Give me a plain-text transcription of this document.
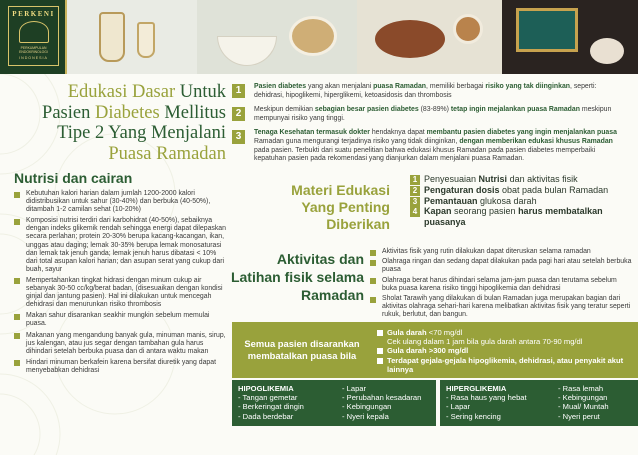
PERKENI
PERKUMPULAN ENDOKRINOLOGI
INDONESIA
Edukasi Dasar Untuk
Pasien Diabetes Mellitus
Tipe 2 Yang Menjalani
Puasa Ramadan
1	Pasien diabetes yang akan menjalani puasa Ramadan, memiliki berbagai risiko yang tak diinginkan, seperti: dehidrasi, hipoglikemi, hiperglikemi, ketoasidosis dan thrombosis
2	Meskipun demikian sebagian besar pasien diabetes (83-89%) tetap ingin mejalankan puasa Ramadan meskipun mempunyai risiko yang tinggi.
3	Tenaga Kesehatan termasuk dokter hendaknya dapat membantu pasien diabetes yang ingin menjalankan puasa Ramadan guna mengurangi terjadinya risiko yang tidak diinginkan, dengan memberikan edukasi khusus Ramadan pada pasien. Terbukti dari suatu penelitian bahwa edukasi khusus Ramadan pada pasien diabetes memperbaiki kepatuhan pasien pada rekomendasi yang dianjurkan dalam menjalani puasa Ramadan.
Nutrisi dan cairan
Kebutuhan kalori harian dalam jumlah 1200-2000 kalori didistribusikan untuk sahur (30-40%) dan berbuka (40-50%), ditambah 1-2 camilan sehat (10-20%)
Komposisi nutrisi terdiri dari karbohidrat (40-50%), sebaiknya dengan indeks glikemik rendah sehingga energi dapat dilepaskan secara perlahan; protein 20-30% berupa kacang-kacangan, ikan, unggas atau daging; lemak 30-35% berupa lemak monosaturasi dan lemak tak jenuh ganda; lemak jenuh harus dibatasi < 10% dari total asupan kalori harian; dan asupan serat yang cukup dari buah, sayur
Mempertahankan tingkat hidrasi dengan minum cukup air sebanyak 30-50 cc/kg/berat badan, (disesuaikan dengan kondisi ginjal dan jantung pasien). Hal ini dilakukan untuk mencegah dehidrasi dan menurunkan risiko thrombosis
Makan sahur disarankan seakhir mungkin sebelum memulai puasa.
Makanan yang mengandung banyak gula, minuman manis, sirup, jus kalengan, atau jus segar dengan tambahan gula harus dihindari setelah berbuka puasa dan di antara waktu makan
Hindari minuman berkafein karena bersifat diuretik yang dapat menyebabkan dehidrasi
Materi Edukasi
Yang Penting
Diberikan
1 Penyesuaian Nutrisi dan aktivitas fisik
2 Pengaturan dosis obat pada bulan Ramadan
3 Pemantauan glukosa darah
4 Kapan seorang pasien harus membatalkan puasanya
Aktivitas dan
Latihan fisik selama
Ramadan
Aktivitas fisik yang rutin dilakukan dapat diteruskan selama ramadan
Olahraga ringan dan sedang dapat dilakukan pada pagi hari atau setelah berbuka puasa
Olahraga berat harus dihindari selama jam-jam puasa dan terutama sebelum buka puasa karena risiko tinggi hipoglikemia dan dehidrasi
Sholat Tarawih yang dilakukan di bulan Ramadan juga merupakan bagian dari aktivitas olahraga sehari-hari karena melibatkan aktivitas fisik yang teratur seperti rukuk, berlutut, dan bangun.
Semua pasien disarankan membatalkan puasa bila
Gula darah <70 mg/dl
Cek ulang dalam 1 jam bila gula darah antara 70-90 mg/dl
Gula darah >300 mg/dl
Terdapat gejala-gejala hipoglikemia, dehidrasi, atau penyakit akut lainnya
HIPOGLIKEMIA
- Tangan gemetar
- Berkeringat dingin
- Dada berdebar
- Lapar
- Perubahan kesadaran
- Kebingungan
- Nyeri kepala
HIPERGLIKEMIA
- Rasa haus yang hebat
- Lapar
- Sering kencing
- Rasa lemah
- Kebingungan
- Mual/ Muntah
- Nyeri perut
